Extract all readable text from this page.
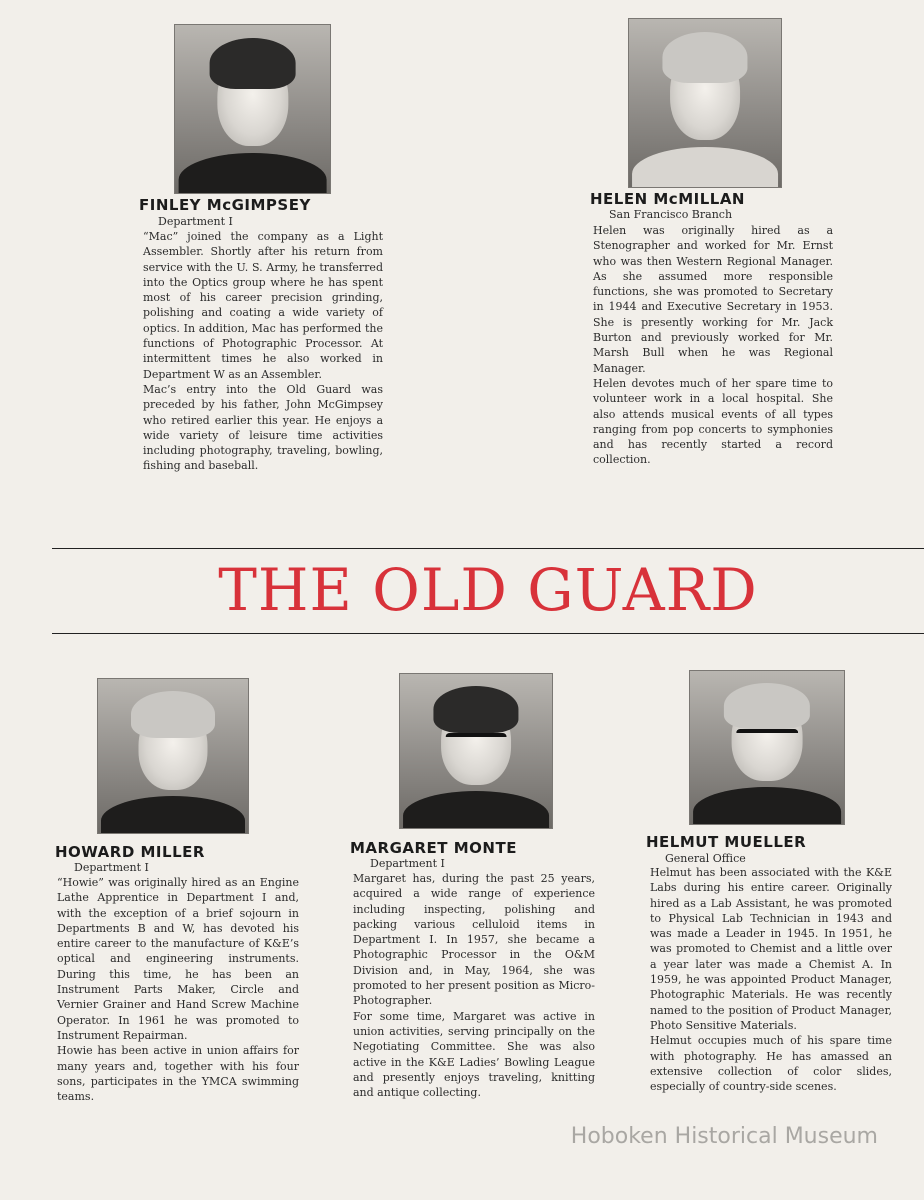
FINLEY McGIMPSEY
Department I

“Mac” joined the company as a Light Assembler. Shortly after his return from service with the U. S. Army, he transferred into the Optics group where he has spent most of his career precision grinding, polishing and coating a wide variety of optics. In addition, Mac has performed the functions of Photographic Processor. At intermittent times he also worked in Department W as an Assembler.

Mac’s entry into the Old Guard was preceded by his father, John McGimpsey who retired earlier this year. He enjoys a wide variety of leisure time activities including photography, traveling, bowling, fishing and baseball.

HELEN McMILLAN
San Francisco Branch

Helen was originally hired as a Stenographer and worked for Mr. Ernst who was then Western Regional Manager. As she assumed more responsible functions, she was promoted to Secretary in 1944 and Executive Secretary in 1953. She is presently working for Mr. Jack Burton and previously worked for Mr. Marsh Bull when he was Regional Manager.

Helen devotes much of her spare time to volunteer work in a local hospital. She also attends musical events of all types ranging from pop concerts to symphonies and has recently started a record collection.

THE OLD GUARD
HOWARD MILLER
Department I

“Howie” was originally hired as an Engine Lathe Apprentice in Department I and, with the exception of a brief sojourn in Departments B and W, has devoted his entire career to the manufacture of K&E’s optical and engineering instruments. During this time, he has been an Instrument Parts Maker, Circle and Vernier Grainer and Hand Screw Machine Operator. In 1961 he was promoted to Instrument Repairman.

Howie has been active in union affairs for many years and, together with his four sons, participates in the YMCA swimming teams.

MARGARET MONTE
Department I

Margaret has, during the past 25 years, acquired a wide range of experience including inspecting, polishing and packing various celluloid items in Department I. In 1957, she became a Photographic Processor in the O&M Division and, in May, 1964, she was promoted to her present position as Micro-Photographer.

For some time, Margaret was active in union activities, serving principally on the Negotiating Committee. She was also active in the K&E Ladies’ Bowling League and presently enjoys traveling, knitting and antique collecting.

HELMUT MUELLER
General Office

Helmut has been associated with the K&E Labs during his entire career. Originally hired as a Lab Assistant, he was promoted to Physical Lab Technician in 1943 and was made a Leader in 1945. In 1951, he was promoted to Chemist and a little over a year later was made a Chemist A. In 1959, he was appointed Product Manager, Photographic Materials. He was recently named to the position of Product Manager, Photo Sensitive Materials.

Helmut occupies much of his spare time with photography. He has amassed an extensive collection of color slides, especially of country-side scenes.

Hoboken Historical Museum
